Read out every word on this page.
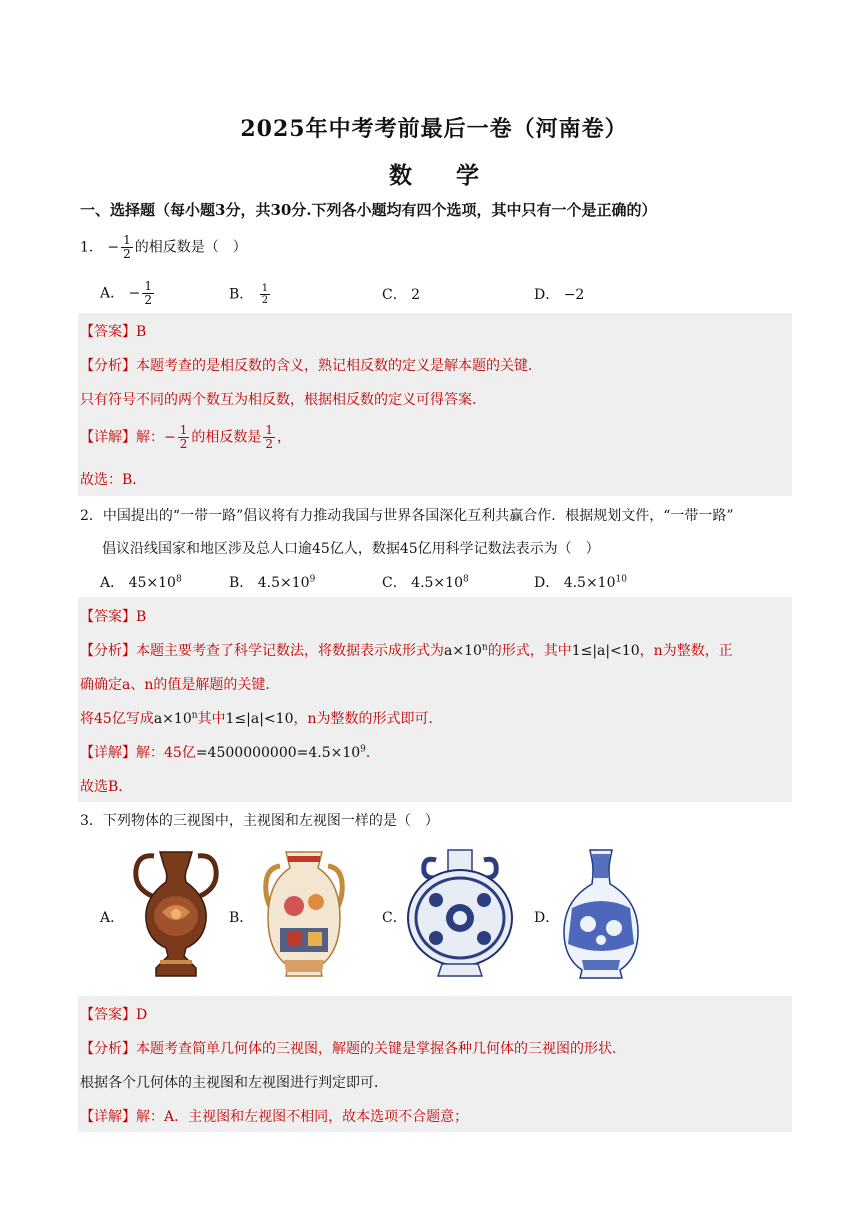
2025年中考考前最后一卷（河南卷）
数 学
一、选择题（每小题3分，共30分.下列各小题均有四个选项，其中只有一个是正确的）
1． − $\frac{1}{2}$ 的相反数是（　）
A． − $\frac{1}{2}$	B． $\frac{1}{2}$	C． 2	D． −2
【答案】B
【分析】本题考查的是相反数的含义，熟记相反数的定义是解本题的关键．
只有符号不同的两个数互为相反数，根据相反数的定义可得答案．
【详解】解：− $\frac{1}{2}$ 的相反数是 $\frac{1}{2}$ ，
故选：B．
2．中国提出的“一带一路”倡议将有力推动我国与世界各国深化互利共赢合作．根据规划文件，“一带一路”
倡议沿线国家和地区涉及总人口逾45亿人，数据45亿用科学记数法表示为（　）
A． $45\times 10^8$	B． $4.5\times 10^9$	C． $4.5\times 10^8$	D． $4.5\times 10^{10}$
【答案】B
【分析】本题主要考查了科学记数法，将数据表示成形式为$a\times 10^n$的形式，其中1≤|a|<10，n为整数，正
确确定a、n的值是解题的关键．
将45亿写成$a\times 10^n$其中1≤|a|<10，n为整数的形式即可．
【详解】解：45亿$=4500000000=4.5\times 10^9$．
故选B．
3．下列物体的三视图中，主视图和左视图一样的是（　）
A．	B．	C．	D．
【答案】D
【分析】本题考查简单几何体的三视图，解题的关键是掌握各种几何体的三视图的形状．
根据各个几何体的主视图和左视图进行判定即可．
【详解】解：A．主视图和左视图不相同，故本选项不合题意；
